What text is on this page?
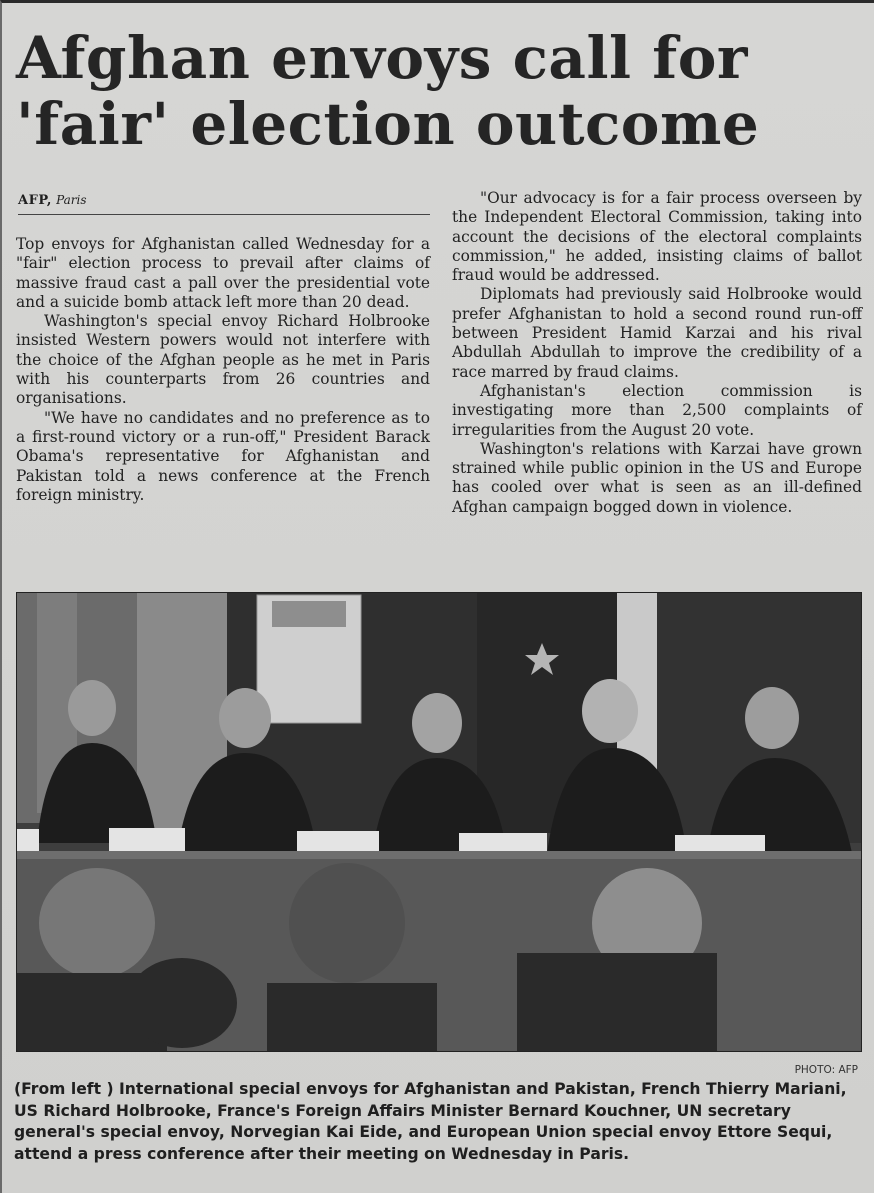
Afghan envoys call for
'fair' election outcome
AFP, Paris

Top envoys for Afghanistan called Wednesday for a "fair" election process to prevail after claims of massive fraud cast a pall over the presidential vote and a suicide bomb attack left more than 20 dead.

Washington's special envoy Richard Holbrooke insisted Western powers would not interfere with the choice of the Afghan people as he met in Paris with his counterparts from 26 countries and organisations.

"We have no candidates and no preference as to a first-round victory or a run-off," President Barack Obama's representative for Afghanistan and Pakistan told a news conference at the French foreign ministry.

"Our advocacy is for a fair process overseen by the Independent Electoral Commission, taking into account the decisions of the electoral complaints commission," he added, insisting claims of ballot fraud would be addressed.

Diplomats had previously said Holbrooke would prefer Afghanistan to hold a second round run-off between President Hamid Karzai and his rival Abdullah Abdullah to improve the credibility of a race marred by fraud claims.

Afghanistan's election commission is investigating more than 2,500 complaints of irregularities from the August 20 vote.

Washington's relations with Karzai have grown strained while public opinion in the US and Europe has cooled over what is seen as an ill-defined Afghan campaign bogged down in violence.

PHOTO: AFP
(From left ) International special envoys for Afghanistan and Pakistan, French Thierry Mariani, US Richard Holbrooke, France's Foreign Affairs Minister Bernard Kouchner, UN secretary general's special envoy, Norvegian Kai Eide, and European Union special envoy Ettore Sequi, attend a press conference after their meeting on Wednesday in Paris.
